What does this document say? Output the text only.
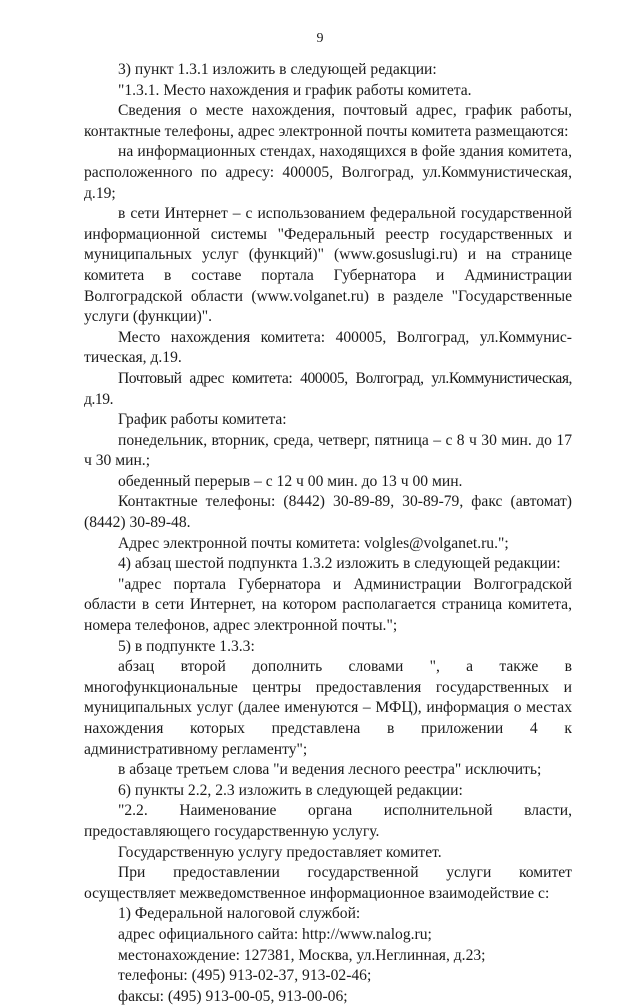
9

3) пункт 1.3.1 изложить в следующей редакции:

"1.3.1. Место нахождения и график работы комитета.

Сведения о месте нахождения, почтовый адрес, график работы, контактные телефоны, адрес электронной почты комитета размещаются:

на информационных стендах, находящихся в фойе здания комитета, расположенного по адресу: 400005, Волгоград, ул.Коммунистическая, д.19;

в сети Интернет – с использованием федеральной государственной информационной системы "Федеральный реестр государственных и муниципальных услуг (функций)" (www.gosuslugi.ru) и на странице комитета в составе портала Губернатора и Администрации Волгоградской области (www.volganet.ru) в разделе "Государственные услуги (функции)".

Место нахождения комитета: 400005, Волгоград, ул.Коммунис-тическая, д.19.

Почтовый адрес комитета: 400005, Волгоград, ул.Коммунистическая, д.19.

График работы комитета:

понедельник, вторник, среда, четверг, пятница – с 8 ч 30 мин. до 17 ч 30 мин.;

обеденный перерыв – с 12 ч 00 мин. до 13 ч 00 мин.

Контактные телефоны: (8442) 30-89-89, 30-89-79, факс (автомат) (8442) 30-89-48.

Адрес электронной почты комитета: volgles@volganet.ru.";

4) абзац шестой подпункта 1.3.2 изложить в следующей редакции:

"адрес портала Губернатора и Администрации Волгоградской области в сети Интернет, на котором располагается страница комитета, номера телефонов, адрес электронной почты.";

5) в подпункте 1.3.3:

абзац второй дополнить словами ", а также в многофункциональные центры предоставления государственных и муниципальных услуг (далее именуются – МФЦ), информация о местах нахождения которых представлена в приложении 4 к административному регламенту";

в абзаце третьем слова "и ведения лесного реестра" исключить;

6) пункты 2.2, 2.3 изложить в следующей редакции:

"2.2. Наименование органа исполнительной власти, предоставляющего государственную услугу.

Государственную услугу предоставляет комитет.

При предоставлении государственной услуги комитет осуществляет межведомственное информационное взаимодействие с:

1) Федеральной налоговой службой:

адрес официального сайта: http://www.nalog.ru;

местонахождение: 127381, Москва, ул.Неглинная, д.23;

телефоны: (495) 913-02-37, 913-02-46;

факсы: (495) 913-00-05, 913-00-06;
